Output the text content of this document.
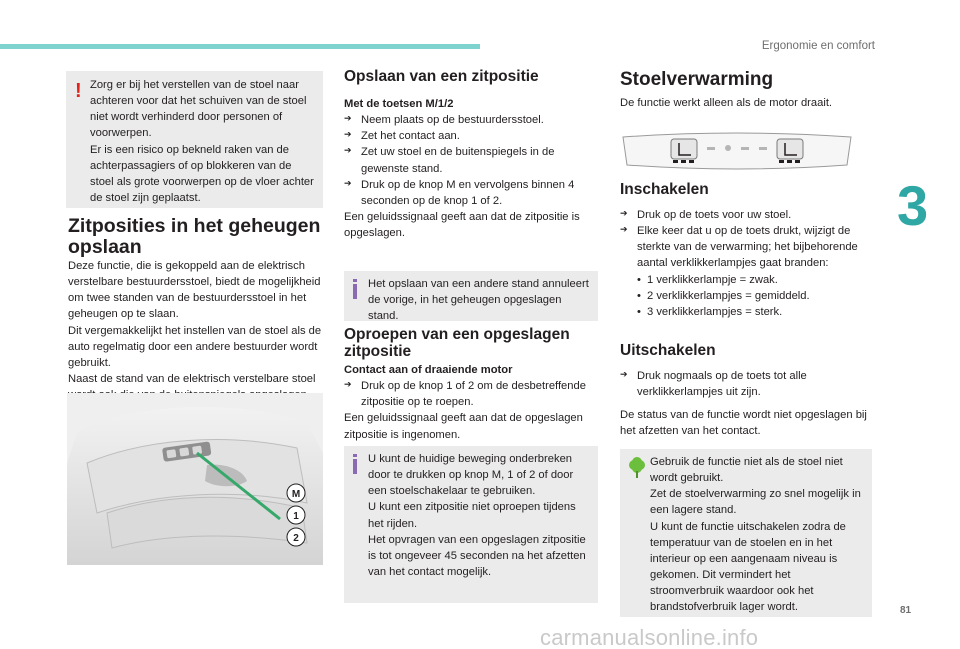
Ergonomie en comfort
3
81
carmanualsonline.info
! Zorg er bij het verstellen van de stoel naar achteren voor dat het schuiven van de stoel niet wordt verhinderd door personen of voorwerpen.

Er is een risico op bekneld raken van de achterpassagiers of op blokkeren van de stoel als grote voorwerpen op de vloer achter de stoel zijn geplaatst.

Zitposities in het geheugen opslaan

Deze functie, die is gekoppeld aan de elektrisch verstelbare bestuurdersstoel, biedt de mogelijkheid om twee standen van de bestuurdersstoel in het geheugen op te slaan.

Dit vergemakkelijkt het instellen van de stoel als de auto regelmatig door een andere bestuurder wordt gebruikt.

Naast de stand van de elektrisch verstelbare stoel

M
1
2
Opslaan van een zitpositie

Met de toetsen M/1/2

➔ Neem plaats op de bestuurdersstoel.
➔ Zet het contact aan.
➔ Zet uw stoel en de buitenspiegels in de gewenste stand.
➔ Druk op de knop M en vervolgens binnen 4 seconden op de knop 1 of 2.

Een geluidssignaal geeft aan dat de zitpositie is opgeslagen.

Het opslaan van een andere stand annuleert de vorige, in het geheugen opgeslagen stand.

Oproepen van een opgeslagen zitpositie

Contact aan of draaiende motor

➔ Druk op de knop 1 of 2 om de desbetreffende zitpositie op te roepen.

Een geluidssignaal geeft aan dat de opgeslagen zitpositie is ingenomen.

U kunt de huidige beweging onderbreken door te drukken op knop M, 1 of 2 of door een stoelschakelaar te gebruiken.

U kunt een zitpositie niet oproepen tijdens het rijden.

Het opvragen van een opgeslagen zitpositie is tot ongeveer 45 seconden na het afzetten van het contact mogelijk.

Stoelverwarming

De functie werkt alleen als de motor draait.

Inschakelen
➔ Druk op de toets voor uw stoel.
➔ Elke keer dat u op de toets drukt, wijzigt de sterkte van de verwarming; het bijbehorende aantal verklikkerlampjes gaat branden:
• 1 verklikkerlampje = zwak.
• 2 verklikkerlampjes = gemiddeld.
• 3 verklikkerlampjes = sterk.
Uitschakelen
➔ Druk nogmaals op de toets tot alle verklikkerlampjes uit zijn.

De status van de functie wordt niet opgeslagen bij het afzetten van het contact.

Gebruik de functie niet als de stoel niet wordt gebruikt.

Zet de stoelverwarming zo snel mogelijk in een lagere stand.

U kunt de functie uitschakelen zodra de temperatuur van de stoelen en in het interieur op een aangenaam niveau is gekomen. Dit vermindert het stroomverbruik waardoor ook het brandstofverbruik lager wordt.
